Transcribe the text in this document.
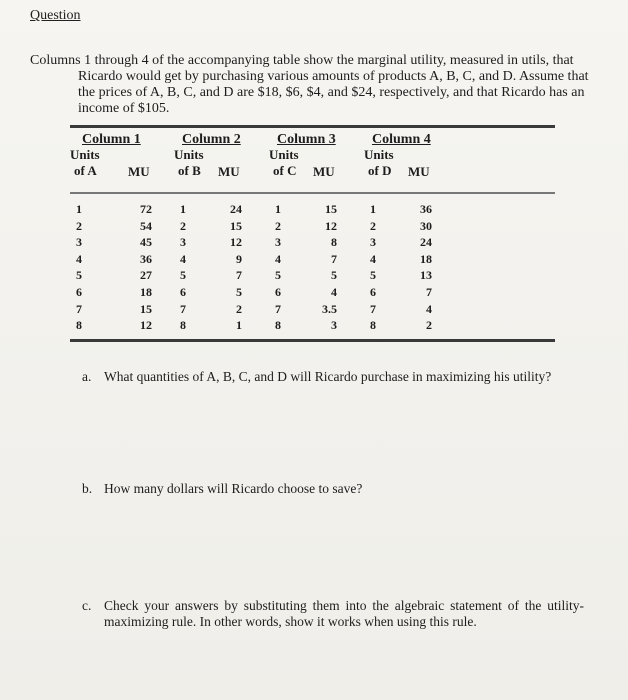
Question
Columns 1 through 4 of the accompanying table show the marginal utility, measured in utils, that
Ricardo would get by purchasing various amounts of products A, B, C, and D. Assume that the prices of A, B, C, and D are $18, $6, $4, and $24, respectively, and that Ricardo has an income of $105.
Column 1
Units
of A MU
1
2
3
4
5
6
7
8
72
54
45
36
27
18
15
12
Column 2
Units
of B MU
1
2
3
4
5
6
7
8
24
15
12
9
7
5
2
1
Column 3
Units
of C MU
1
2
3
4
5
6
7
8
15
12
8
7
5
4
3.5
3
Column 4
Units
of D MU
1
2
3
4
5
6
7
8
36
30
24
18
13
7
4
2
a. What quantities of A, B, C, and D will Ricardo purchase in maximizing his utility?
b. How many dollars will Ricardo choose to save?
c. Check your answers by substituting them into the algebraic statement of the utility-maximizing rule. In other words, show it works when using this rule.
